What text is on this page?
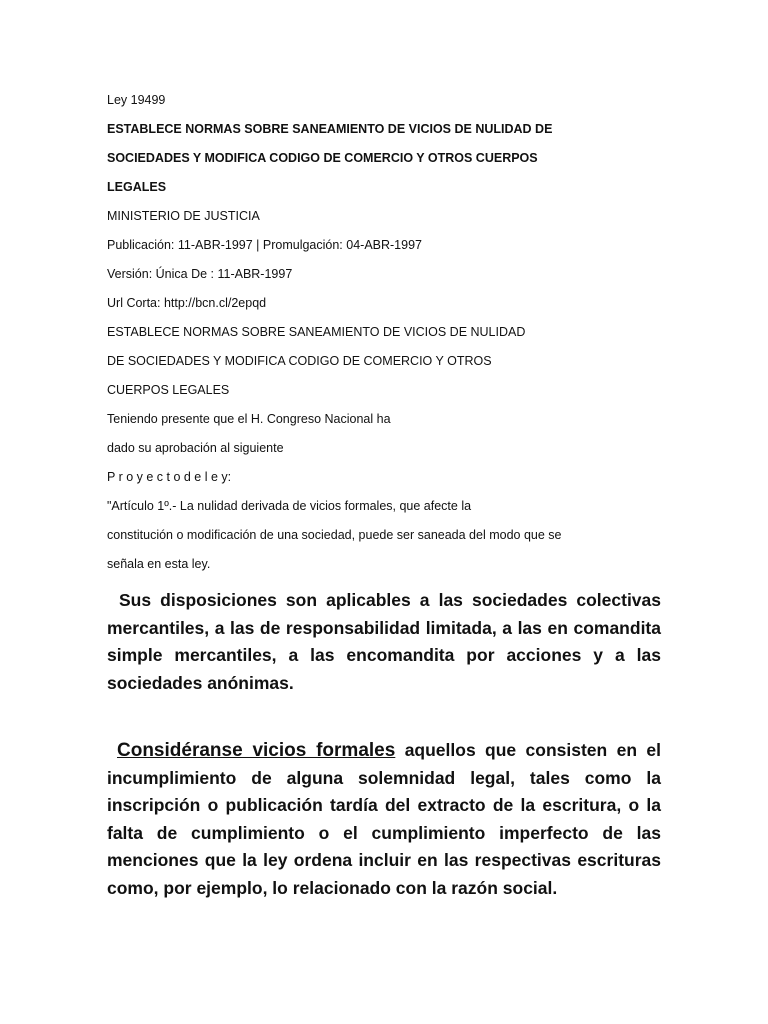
Ley 19499
ESTABLECE NORMAS SOBRE SANEAMIENTO DE VICIOS DE NULIDAD DE
SOCIEDADES Y MODIFICA CODIGO DE COMERCIO Y OTROS CUERPOS
LEGALES
MINISTERIO DE JUSTICIA
Publicación: 11-ABR-1997 | Promulgación: 04-ABR-1997
Versión: Única De : 11-ABR-1997
Url Corta: http://bcn.cl/2epqd
ESTABLECE NORMAS SOBRE SANEAMIENTO DE VICIOS DE NULIDAD
DE SOCIEDADES Y MODIFICA CODIGO DE COMERCIO Y OTROS
CUERPOS LEGALES
Teniendo presente que el H. Congreso Nacional ha
dado su aprobación al siguiente
P r o y e c t o d e l e y:
"Artículo 1º.- La nulidad derivada de vicios formales, que afecte la
constitución o modificación de una sociedad, puede ser saneada del modo que se
señala en esta ley.
Sus disposiciones son aplicables a las sociedades colectivas mercantiles, a las de responsabilidad limitada, a las en comandita simple mercantiles, a las encomandita por acciones y a las sociedades anónimas.
Considéranse vicios formales aquellos que consisten en el incumplimiento de alguna solemnidad legal, tales como la inscripción o publicación tardía del extracto de la escritura, o la falta de cumplimiento o el cumplimiento imperfecto de las menciones que la ley ordena incluir en las respectivas escrituras como, por ejemplo, lo relacionado con la razón social.
